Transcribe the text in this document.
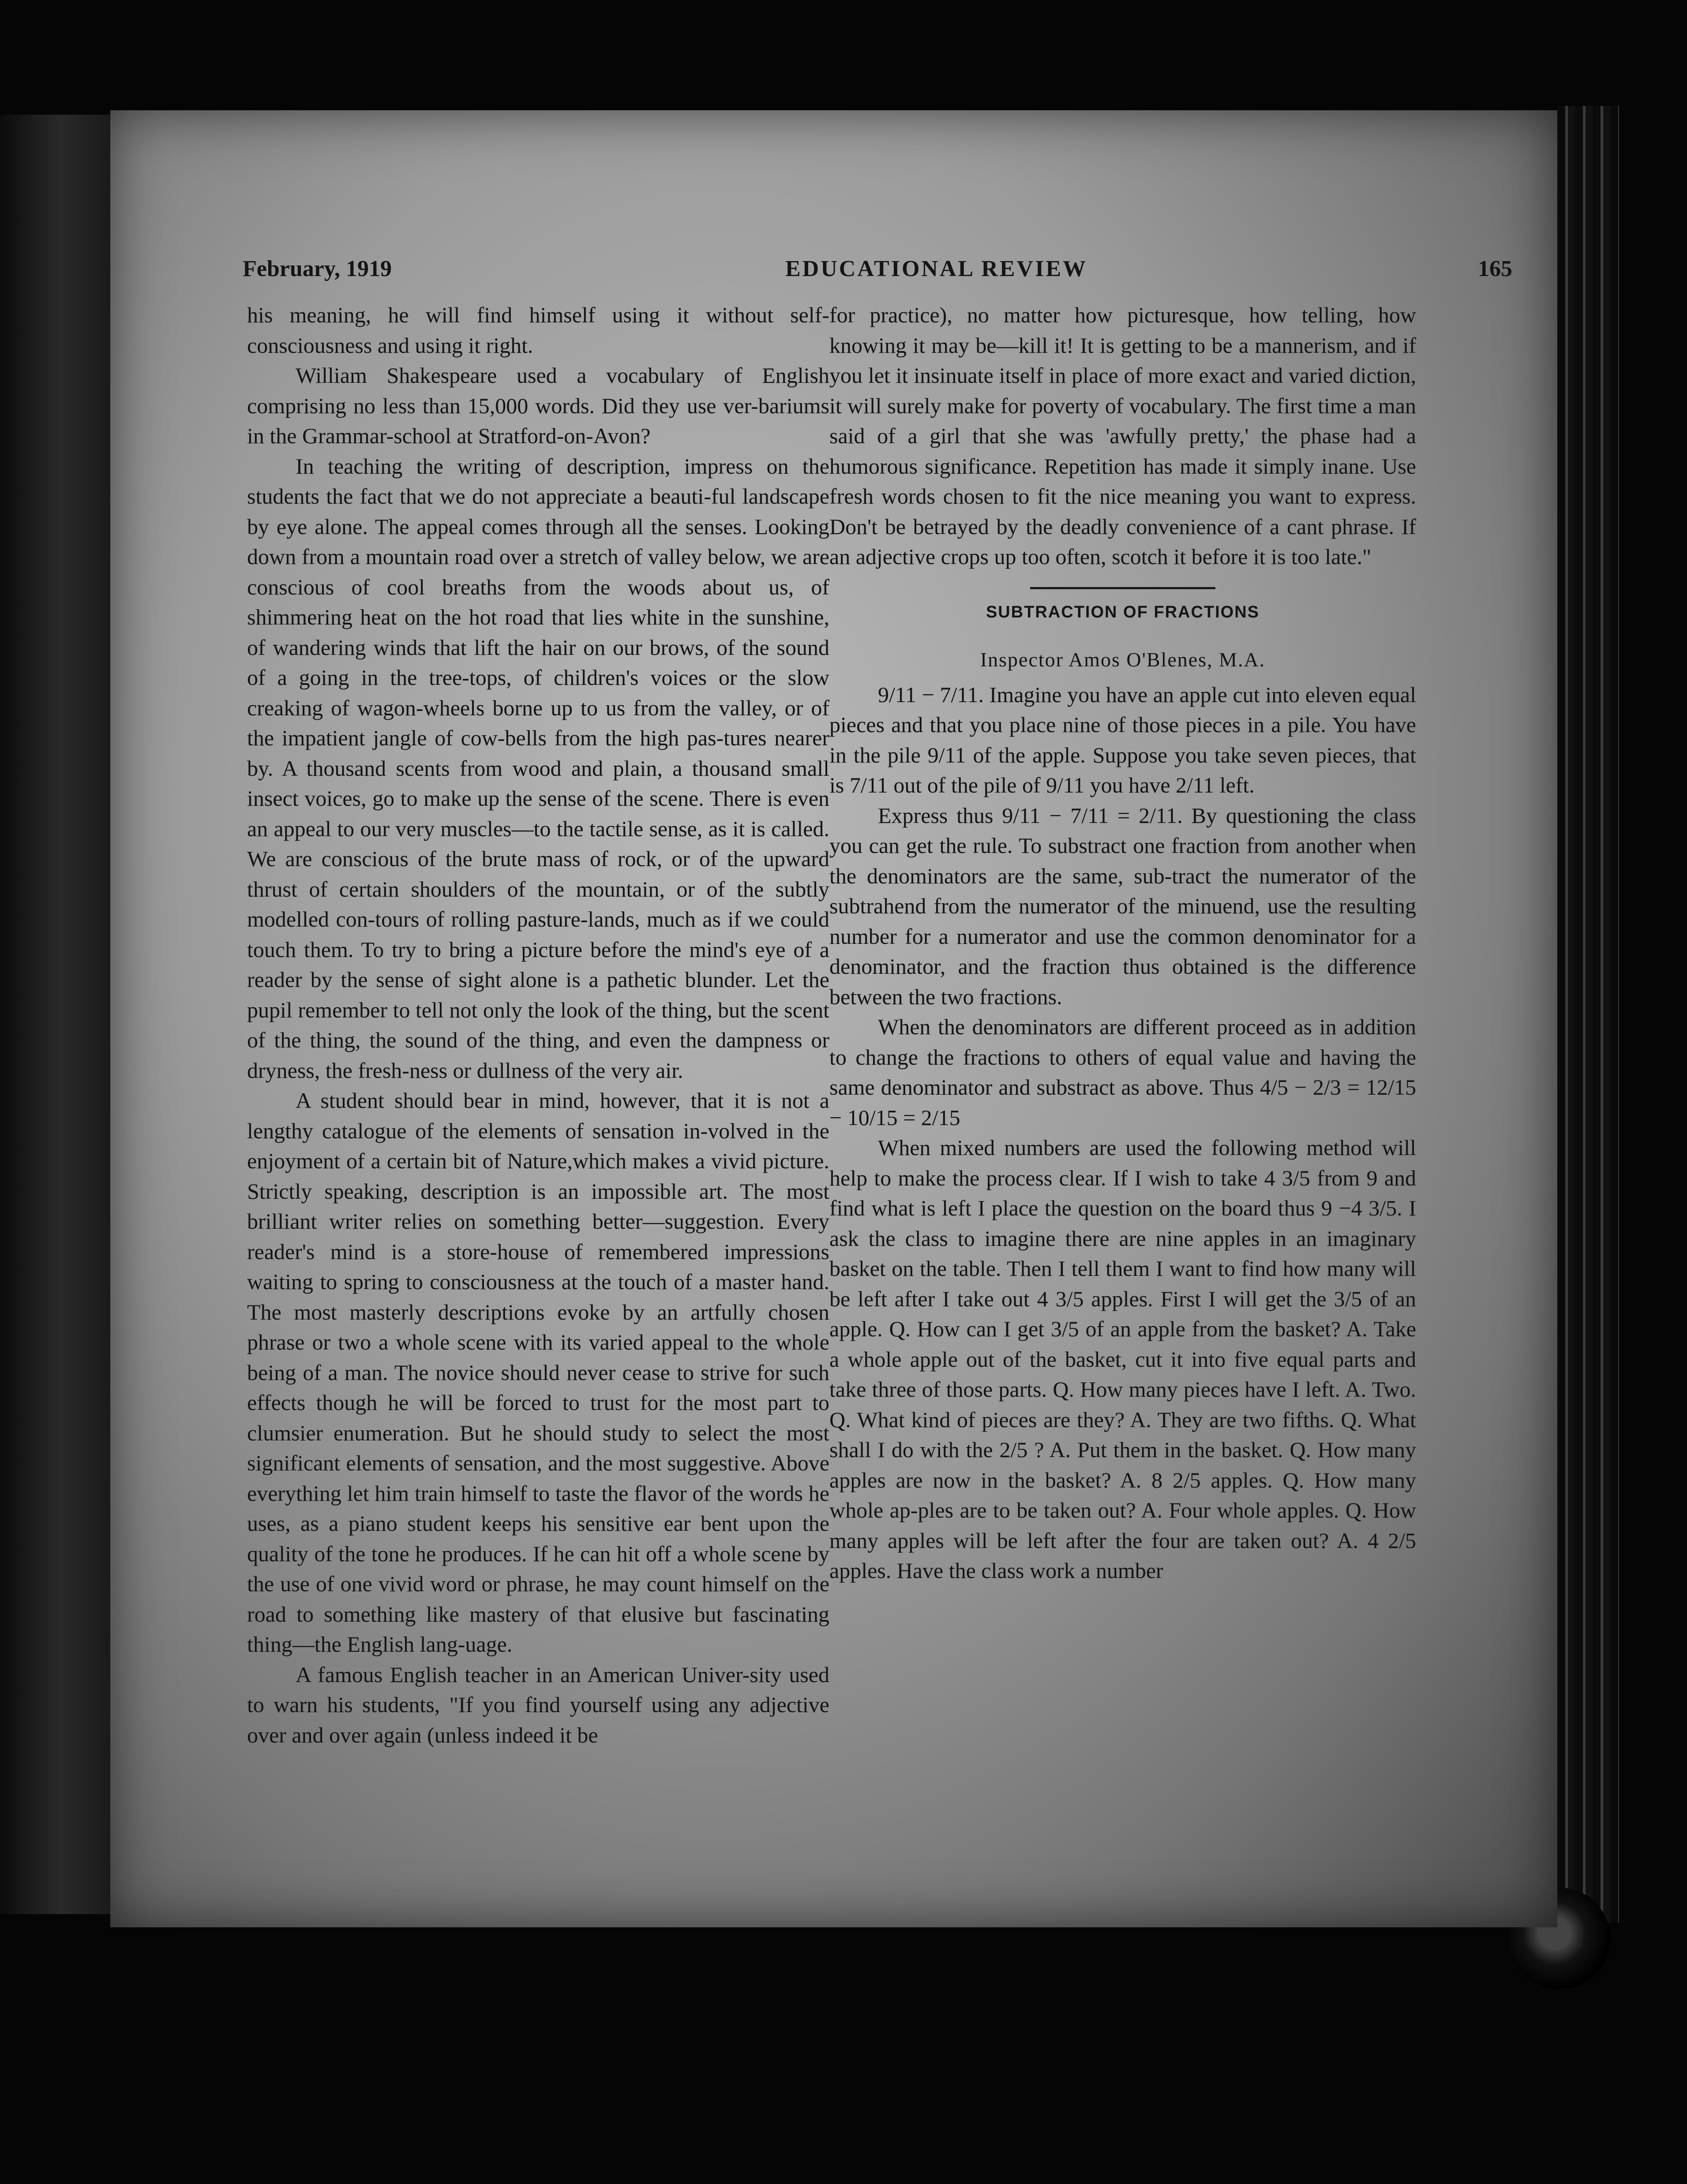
February, 1919	EDUCATIONAL REVIEW	165

his meaning, he will find himself using it without self-consciousness and using it right.

William Shakespeare used a vocabulary of English comprising no less than 15,000 words. Did they use ver-bariums in the Grammar-school at Stratford-on-Avon?

In teaching the writing of description, impress on the students the fact that we do not appreciate a beauti-ful landscape by eye alone. The appeal comes through all the senses. Looking down from a mountain road over a stretch of valley below, we are conscious of cool breaths from the woods about us, of shimmering heat on the hot road that lies white in the sunshine, of wandering winds that lift the hair on our brows, of the sound of a going in the tree-tops, of children's voices or the slow creaking of wagon-wheels borne up to us from the valley, or of the impatient jangle of cow-bells from the high pas-tures nearer by. A thousand scents from wood and plain, a thousand small insect voices, go to make up the sense of the scene. There is even an appeal to our very muscles—to the tactile sense, as it is called. We are conscious of the brute mass of rock, or of the upward thrust of certain shoulders of the mountain, or of the subtly modelled con-tours of rolling pasture-lands, much as if we could touch them. To try to bring a picture before the mind's eye of a reader by the sense of sight alone is a pathetic blunder. Let the pupil remember to tell not only the look of the thing, but the scent of the thing, the sound of the thing, and even the dampness or dryness, the fresh-ness or dullness of the very air.

A student should bear in mind, however, that it is not a lengthy catalogue of the elements of sensation in-volved in the enjoyment of a certain bit of Nature,which makes a vivid picture. Strictly speaking, description is an impossible art. The most brilliant writer relies on something better—suggestion. Every reader's mind is a store-house of remembered impressions waiting to spring to consciousness at the touch of a master hand. The most masterly descriptions evoke by an artfully chosen phrase or two a whole scene with its varied appeal to the whole being of a man. The novice should never cease to strive for such effects though he will be forced to trust for the most part to clumsier enumeration. But he should study to select the most significant elements of sensation, and the most suggestive. Above everything let him train himself to taste the flavor of the words he uses, as a piano student keeps his sensitive ear bent upon the quality of the tone he produces. If he can hit off a whole scene by the use of one vivid word or phrase, he may count himself on the road to something like mastery of that elusive but fascinating thing—the English lang-uage.

A famous English teacher in an American Univer-sity used to warn his students, "If you find yourself using any adjective over and over again (unless indeed it be

for practice), no matter how picturesque, how telling, how knowing it may be—kill it! It is getting to be a mannerism, and if you let it insinuate itself in place of more exact and varied diction, it will surely make for poverty of vocabulary. The first time a man said of a girl that she was 'awfully pretty,' the phase had a humorous significance. Repetition has made it simply inane. Use fresh words chosen to fit the nice meaning you want to express. Don't be betrayed by the deadly convenience of a cant phrase. If an adjective crops up too often, scotch it before it is too late."

SUBTRACTION OF FRACTIONS
Inspector Amos O'Blenes, M.A.

9/11 − 7/11. Imagine you have an apple cut into eleven equal pieces and that you place nine of those pieces in a pile. You have in the pile 9/11 of the apple. Suppose you take seven pieces, that is 7/11 out of the pile of 9/11 you have 2/11 left.

Express thus 9/11 − 7/11 = 2/11. By questioning the class you can get the rule. To substract one fraction from another when the denominators are the same, sub-tract the numerator of the subtrahend from the numerator of the minuend, use the resulting number for a numerator and use the common denominator for a denominator, and the fraction thus obtained is the difference between the two fractions.

When the denominators are different proceed as in addition to change the fractions to others of equal value and having the same denominator and substract as above. Thus 4/5 − 2/3 = 12/15 − 10/15 = 2/15

When mixed numbers are used the following method will help to make the process clear. If I wish to take 4 3/5 from 9 and find what is left I place the question on the board thus 9 −4 3/5. I ask the class to imagine there are nine apples in an imaginary basket on the table. Then I tell them I want to find how many will be left after I take out 4 3/5 apples. First I will get the 3/5 of an apple. Q. How can I get 3/5 of an apple from the basket? A. Take a whole apple out of the basket, cut it into five equal parts and take three of those parts. Q. How many pieces have I left. A. Two. Q. What kind of pieces are they? A. They are two fifths. Q. What shall I do with the 2/5 ? A. Put them in the basket. Q. How many apples are now in the basket? A. 8 2/5 apples. Q. How many whole ap-ples are to be taken out? A. Four whole apples. Q. How many apples will be left after the four are taken out? A. 4 2/5 apples. Have the class work a number
